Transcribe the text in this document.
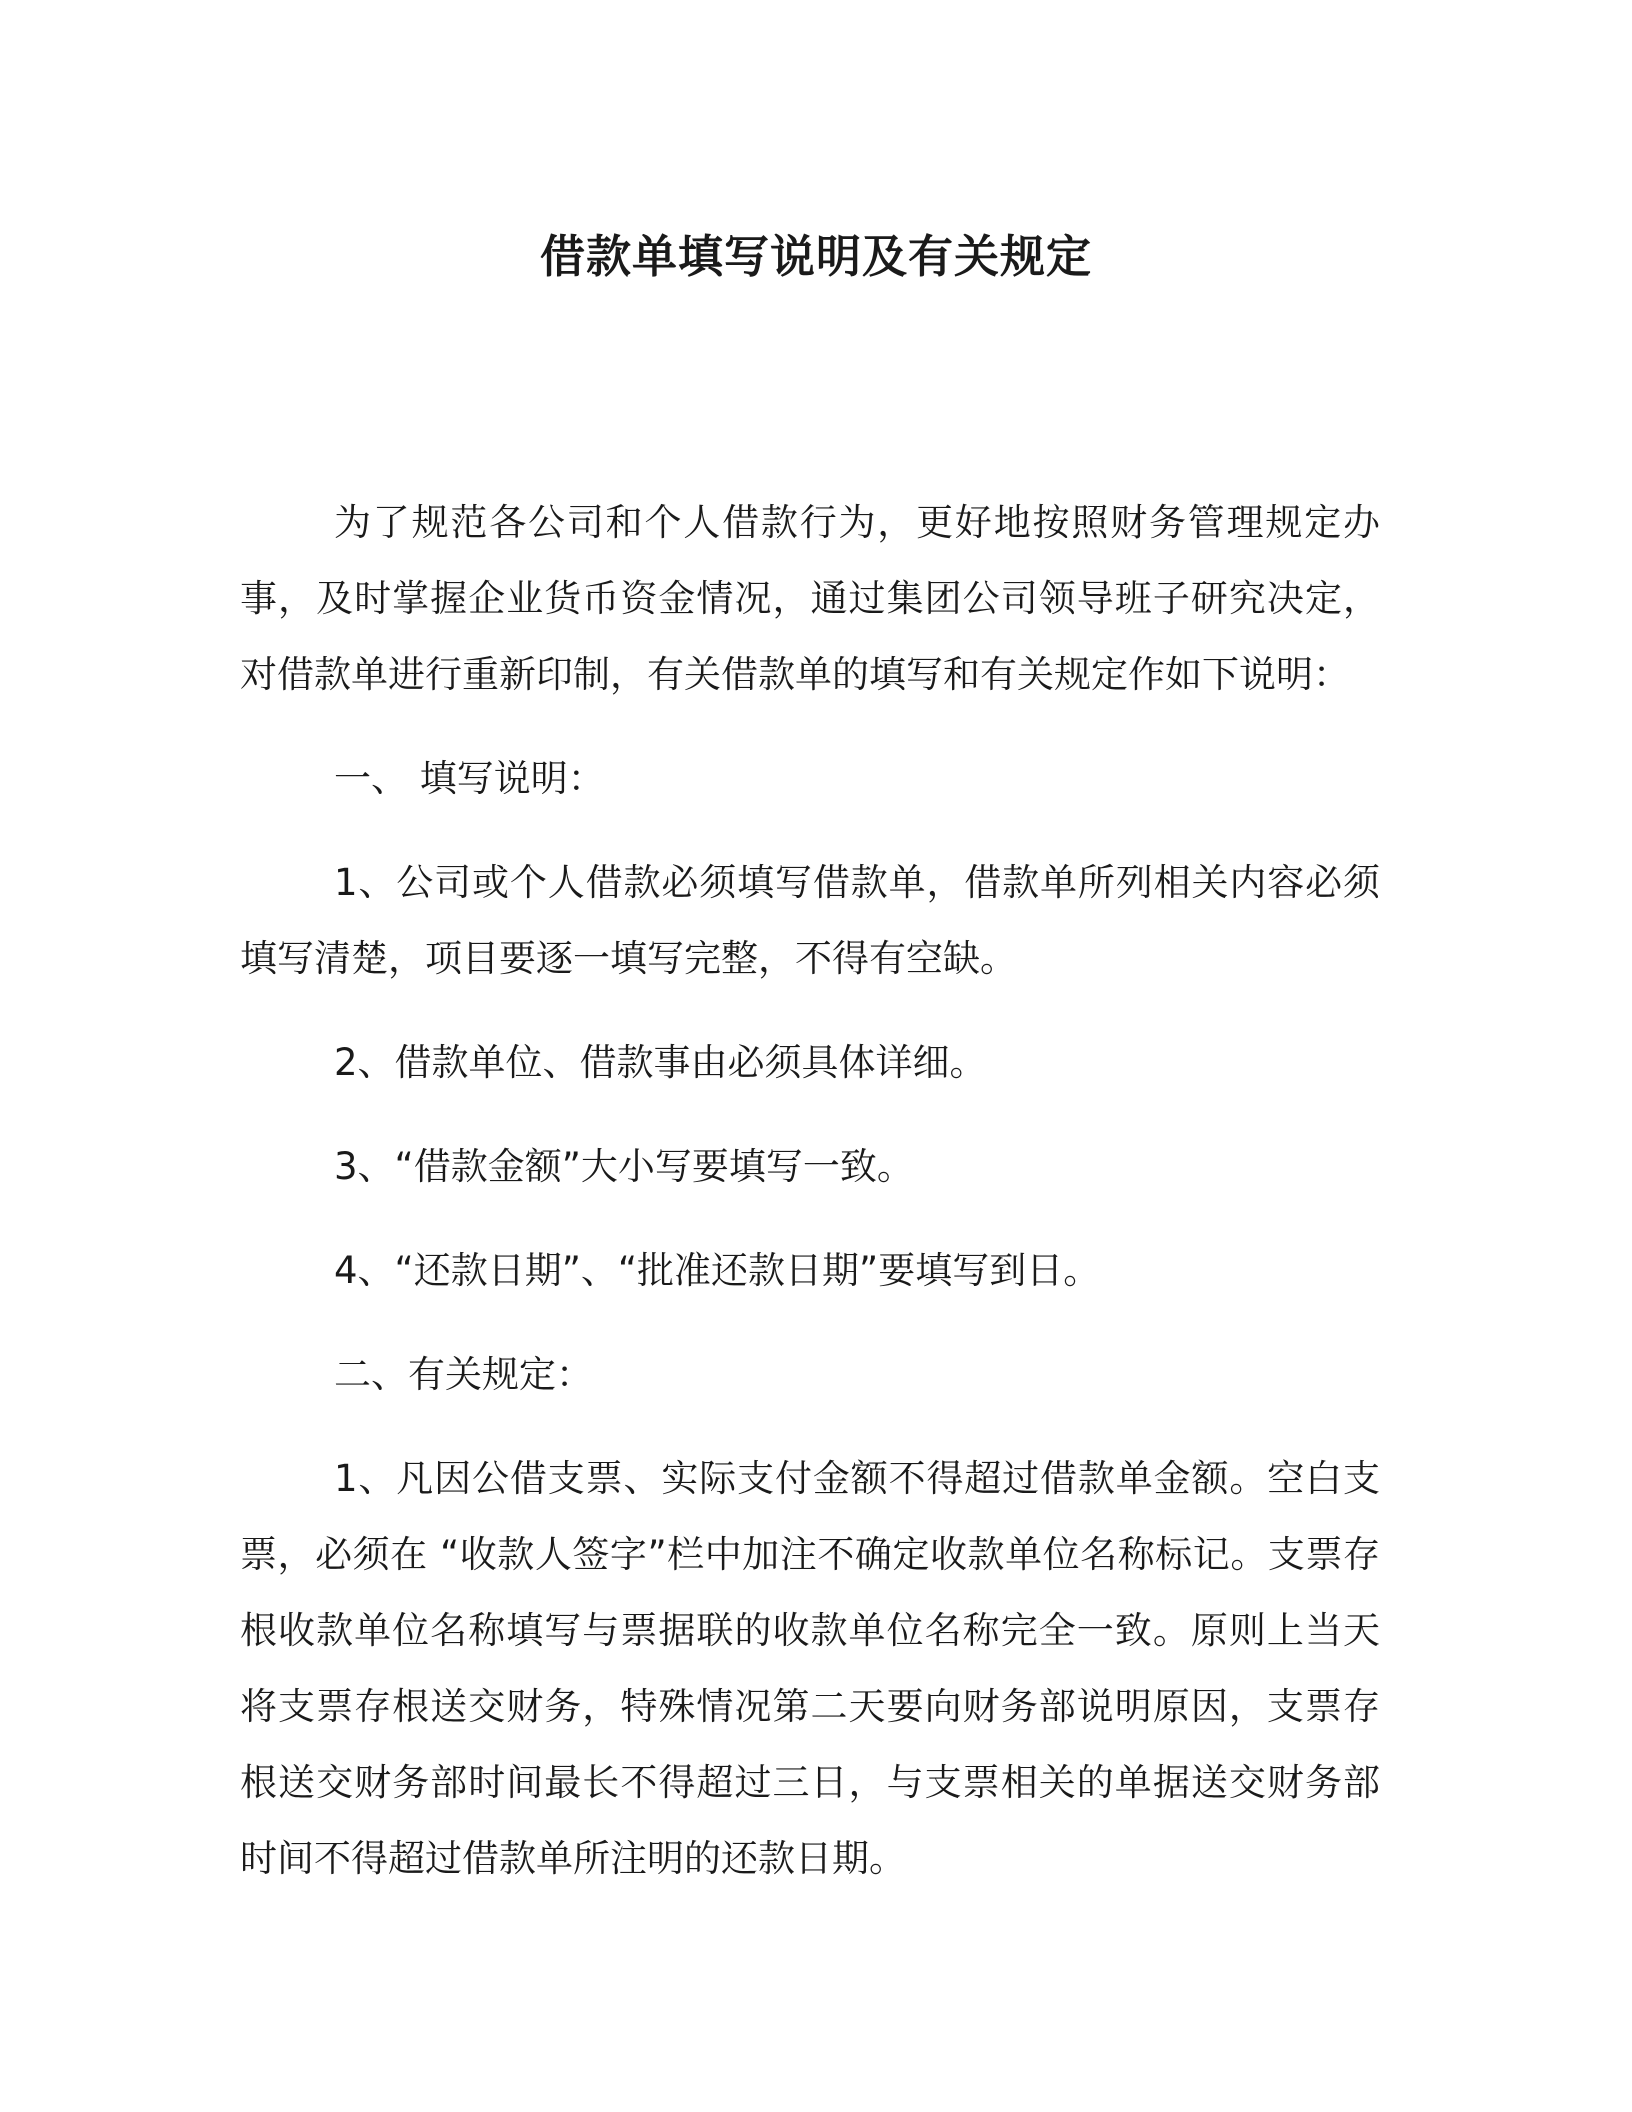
借款单填写说明及有关规定

为了规范各公司和个人借款行为，更好地按照财务管理规定办事，及时掌握企业货币资金情况，通过集团公司领导班子研究决定，对借款单进行重新印制，有关借款单的填写和有关规定作如下说明：

一、 填写说明：

1、公司或个人借款必须填写借款单，借款单所列相关内容必须填写清楚，项目要逐一填写完整，不得有空缺。

2、借款单位、借款事由必须具体详细。

3、“借款金额”大小写要填写一致。

4、“还款日期”、“批准还款日期”要填写到日。

二、有关规定：

1、凡因公借支票、实际支付金额不得超过借款单金额。空白支票，必须在 “收款人签字”栏中加注不确定收款单位名称标记。支票存根收款单位名称填写与票据联的收款单位名称完全一致。原则上当天将支票存根送交财务，特殊情况第二天要向财务部说明原因，支票存根送交财务部时间最长不得超过三日，与支票相关的单据送交财务部时间不得超过借款单所注明的还款日期。
